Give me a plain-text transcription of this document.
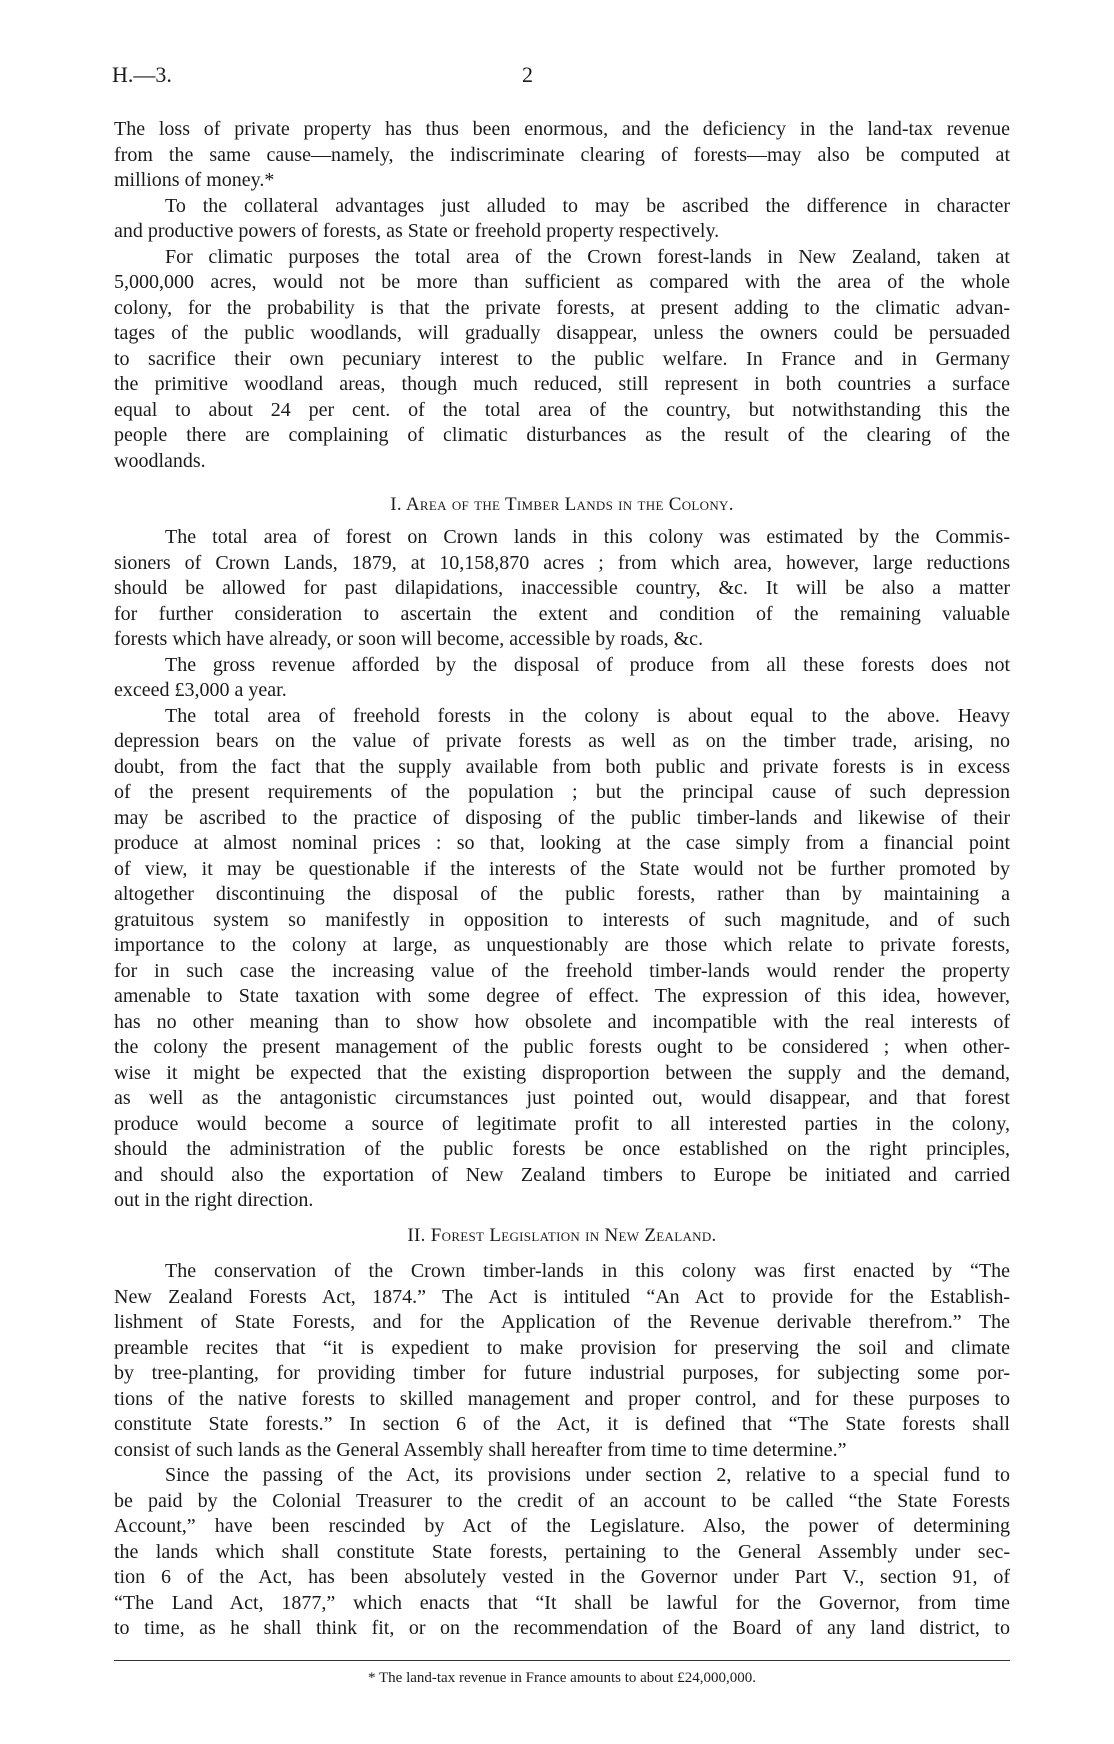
H.—3.	2
The loss of private property has thus been enormous, and the deficiency in the land-tax revenue
from the same cause—namely, the indiscriminate clearing of forests—may also be computed at
millions of money.*
To the collateral advantages just alluded to may be ascribed the difference in character
and productive powers of forests, as State or freehold property respectively.
For climatic purposes the total area of the Crown forest-lands in New Zealand, taken at
5,000,000 acres, would not be more than sufficient as compared with the area of the whole
colony, for the probability is that the private forests, at present adding to the climatic advan-
tages of the public woodlands, will gradually disappear, unless the owners could be persuaded
to sacrifice their own pecuniary interest to the public welfare. In France and in Germany
the primitive woodland areas, though much reduced, still represent in both countries a surface
equal to about 24 per cent. of the total area of the country, but notwithstanding this the
people there are complaining of climatic disturbances as the result of the clearing of the
woodlands.
I. Area of the Timber Lands in the Colony.
The total area of forest on Crown lands in this colony was estimated by the Commis-
sioners of Crown Lands, 1879, at 10,158,870 acres ; from which area, however, large reductions
should be allowed for past dilapidations, inaccessible country, &c. It will be also a matter
for further consideration to ascertain the extent and condition of the remaining valuable
forests which have already, or soon will become, accessible by roads, &c.
The gross revenue afforded by the disposal of produce from all these forests does not
exceed £3,000 a year.
The total area of freehold forests in the colony is about equal to the above. Heavy
depression bears on the value of private forests as well as on the timber trade, arising, no
doubt, from the fact that the supply available from both public and private forests is in excess
of the present requirements of the population ; but the principal cause of such depression
may be ascribed to the practice of disposing of the public timber-lands and likewise of their
produce at almost nominal prices : so that, looking at the case simply from a financial point
of view, it may be questionable if the interests of the State would not be further promoted by
altogether discontinuing the disposal of the public forests, rather than by maintaining a
gratuitous system so manifestly in opposition to interests of such magnitude, and of such
importance to the colony at large, as unquestionably are those which relate to private forests,
for in such case the increasing value of the freehold timber-lands would render the property
amenable to State taxation with some degree of effect. The expression of this idea, however,
has no other meaning than to show how obsolete and incompatible with the real interests of
the colony the present management of the public forests ought to be considered ; when other-
wise it might be expected that the existing disproportion between the supply and the demand,
as well as the antagonistic circumstances just pointed out, would disappear, and that forest
produce would become a source of legitimate profit to all interested parties in the colony,
should the administration of the public forests be once established on the right principles,
and should also the exportation of New Zealand timbers to Europe be initiated and carried
out in the right direction.
II. Forest Legislation in New Zealand.
The conservation of the Crown timber-lands in this colony was first enacted by “The
New Zealand Forests Act, 1874.” The Act is intituled “An Act to provide for the Establish-
lishment of State Forests, and for the Application of the Revenue derivable therefrom.” The
preamble recites that “it is expedient to make provision for preserving the soil and climate
by tree-planting, for providing timber for future industrial purposes, for subjecting some por-
tions of the native forests to skilled management and proper control, and for these purposes to
constitute State forests.” In section 6 of the Act, it is defined that “The State forests shall
consist of such lands as the General Assembly shall hereafter from time to time determine.”
Since the passing of the Act, its provisions under section 2, relative to a special fund to
be paid by the Colonial Treasurer to the credit of an account to be called “the State Forests
Account,” have been rescinded by Act of the Legislature. Also, the power of determining
the lands which shall constitute State forests, pertaining to the General Assembly under sec-
tion 6 of the Act, has been absolutely vested in the Governor under Part V., section 91, of
“The Land Act, 1877,” which enacts that “It shall be lawful for the Governor, from time
to time, as he shall think fit, or on the recommendation of the Board of any land district, to
* The land-tax revenue in France amounts to about £24,000,000.
